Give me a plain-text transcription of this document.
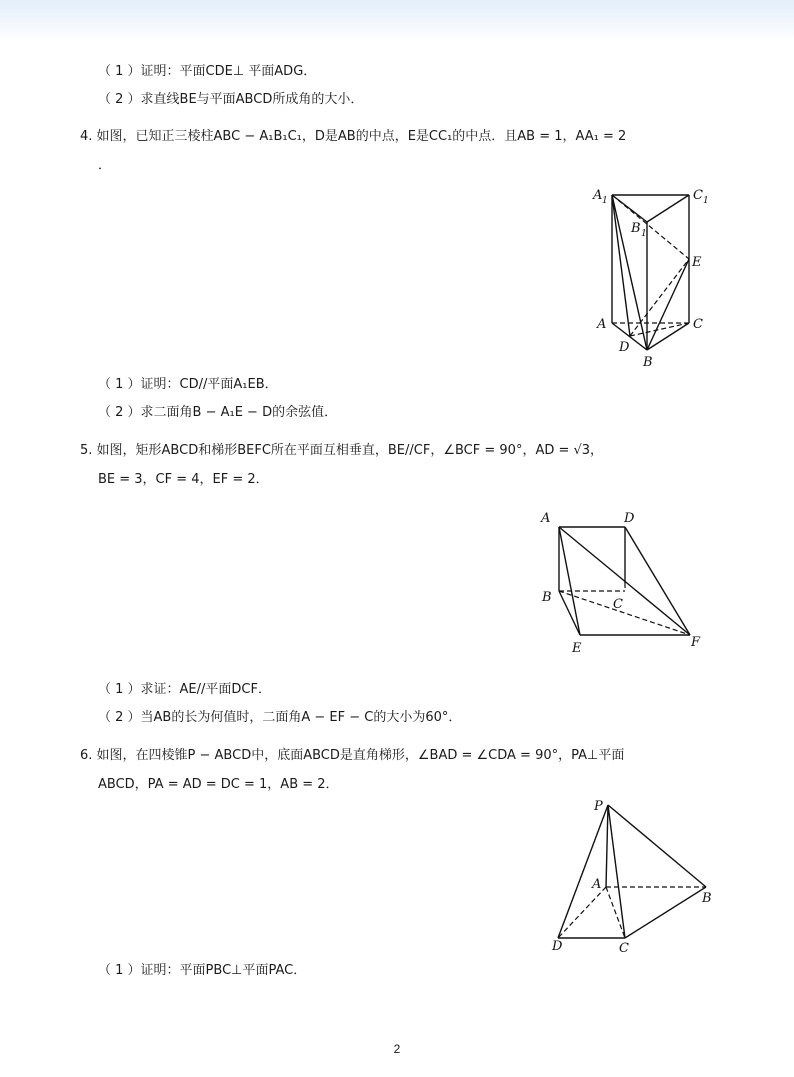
（ 1 ）证明：平面CDE⊥ 平面ADG．
（ 2 ）求直线BE与平面ABCD所成角的大小．
4. 如图，已知正三棱柱ABC − A₁B₁C₁，D是AB的中点，E是CC₁的中点．且AB = 1，AA₁ = 2
．
A 1	C 1
B 1
E
A	C
D
B
（ 1 ）证明：CD//平面A₁EB．
（ 2 ）求二面角B − A₁E − D的余弦值．
5. 如图，矩形ABCD和梯形BEFC所在平面互相垂直，BE//CF，∠BCF = 90°，AD = √3，
BE = 3，CF = 4，EF = 2．
A	D
B	C
E	F
（ 1 ）求证：AE//平面DCF．
（ 2 ）当AB的长为何值时，二面角A − EF − C的大小为60°．
6. 如图，在四棱锥P − ABCD中，底面ABCD是直角梯形，∠BAD = ∠CDA = 90°，PA⊥平面
ABCD，PA = AD = DC = 1，AB = 2．
P
A
B
D	C
（ 1 ）证明：平面PBC⊥平面PAC．
2
